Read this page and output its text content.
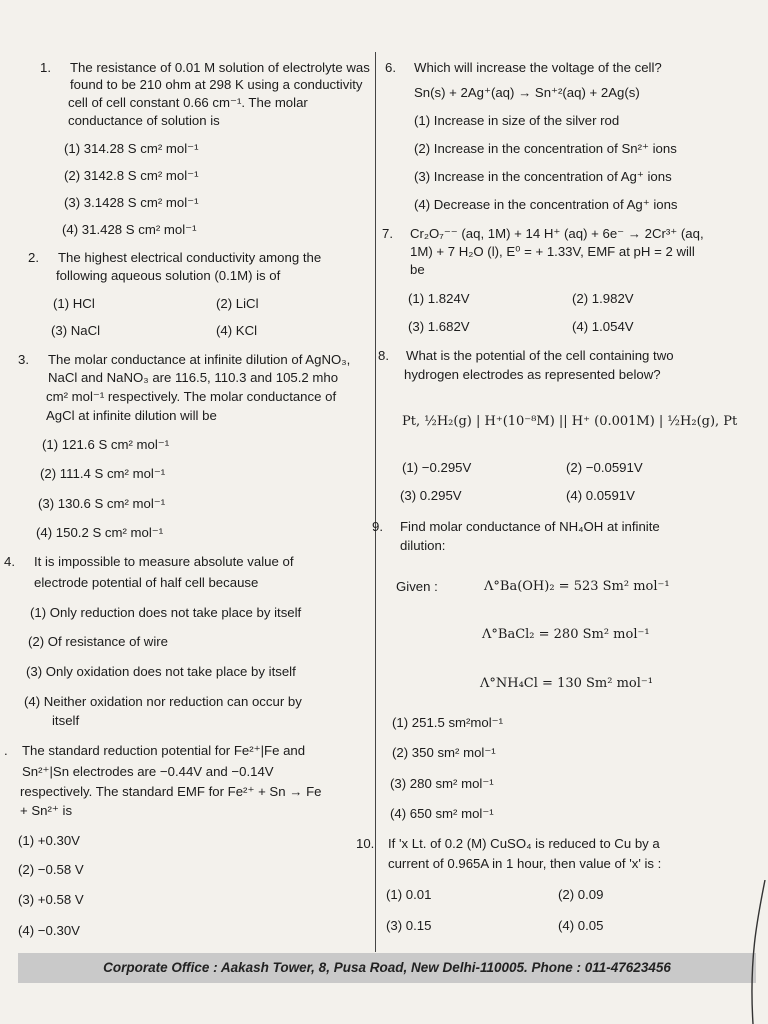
1. The resistance of 0.01 M solution of electrolyte was
found to be 210 ohm at 298 K using a conductivity
cell of cell constant 0.66 cm⁻¹. The molar
conductance of solution is
(1) 314.28 S cm² mol⁻¹
(2) 3142.8 S cm² mol⁻¹
(3) 3.1428 S cm² mol⁻¹
(4) 31.428 S cm² mol⁻¹
2. The highest electrical conductivity among the
following aqueous solution (0.1M) is of
(1) HCl	(2) LiCl
(3) NaCl	(4) KCl
3. The molar conductance at infinite dilution of AgNO₃,
NaCl and NaNO₃ are 116.5, 110.3 and 105.2 mho
cm² mol⁻¹ respectively. The molar conductance of
AgCl at infinite dilution will be
(1) 121.6 S cm² mol⁻¹
(2) 111.4 S cm² mol⁻¹
(3) 130.6 S cm² mol⁻¹
(4) 150.2 S cm² mol⁻¹
4. It is impossible to measure absolute value of
electrode potential of half cell because
(1) Only reduction does not take place by itself
(2) Of resistance of wire
(3) Only oxidation does not take place by itself
(4) Neither oxidation nor reduction can occur by
itself
. The standard reduction potential for Fe²⁺|Fe and
Sn²⁺|Sn electrodes are −0.44V and −0.14V
respectively. The standard EMF for Fe²⁺ + Sn → Fe
+ Sn²⁺ is
(1) +0.30V
(2) −0.58 V
(3) +0.58 V
(4) −0.30V
6. Which will increase the voltage of the cell?
Sn(s) + 2Ag⁺(aq) → Sn⁺²(aq) + 2Ag(s)
(1) Increase in size of the silver rod
(2) Increase in the concentration of Sn²⁺ ions
(3) Increase in the concentration of Ag⁺ ions
(4) Decrease in the concentration of Ag⁺ ions
7. Cr₂O₇⁻⁻ (aq, 1M) + 14 H⁺ (aq) + 6e⁻ → 2Cr³⁺ (aq,
1M) + 7 H₂O (l), E⁰ = + 1.33V, EMF at pH = 2 will
be
(1) 1.824V	(2) 1.982V
(3) 1.682V	(4) 1.054V
8. What is the potential of the cell containing two
hydrogen electrodes as represented below?
Pt, ½H₂(g) | H⁺(10⁻⁸M) || H⁺ (0.001M) | ½H₂(g), Pt
(1) −0.295V	(2) −0.0591V
(3) 0.295V	(4) 0.0591V
9. Find molar conductance of NH₄OH at infinite
dilution:
Given :	Λ°Ba(OH)₂ = 523 Sm² mol⁻¹
Λ°BaCl₂ = 280 Sm² mol⁻¹
Λ°NH₄Cl = 130 Sm² mol⁻¹
(1) 251.5 sm²mol⁻¹
(2) 350 sm² mol⁻¹
(3) 280 sm² mol⁻¹
(4) 650 sm² mol⁻¹
10. If 'x Lt. of 0.2 (M) CuSO₄ is reduced to Cu by a
current of 0.965A in 1 hour, then value of 'x' is :
(1) 0.01	(2) 0.09
(3) 0.15	(4) 0.05
Corporate Office : Aakash Tower, 8, Pusa Road, New Delhi-110005. Phone : 011-47623456
